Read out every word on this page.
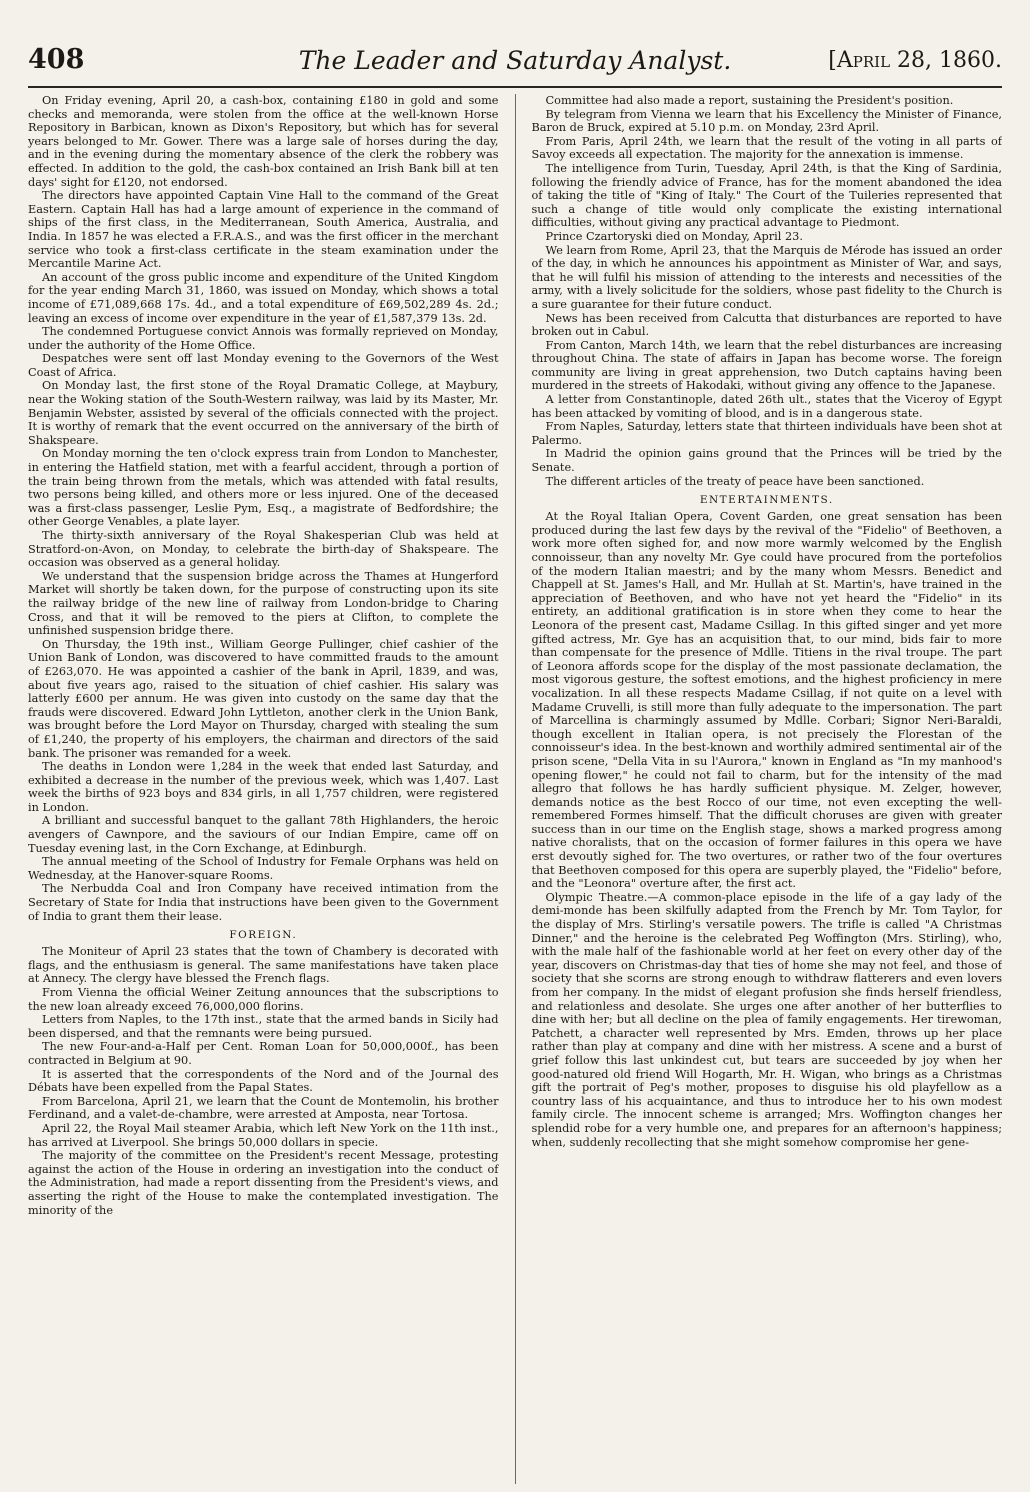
408	The Leader and Saturday Analyst.	[April 28, 1860.

On Friday evening, April 20, a cash-box, containing £180 in gold and some checks and memoranda, were stolen from the office at the well-known Horse Repository in Barbican, known as Dixon's Repository, but which has for several years belonged to Mr. Gower. There was a large sale of horses during the day, and in the evening during the momentary absence of the clerk the robbery was effected. In addition to the gold, the cash-box contained an Irish Bank bill at ten days' sight for £120, not endorsed.

The directors have appointed Captain Vine Hall to the command of the Great Eastern. Captain Hall has had a large amount of experience in the command of ships of the first class, in the Mediterranean, South America, Australia, and India. In 1857 he was elected a F.R.A.S., and was the first officer in the merchant service who took a first-class certificate in the steam examination under the Mercantile Marine Act.

An account of the gross public income and expenditure of the United Kingdom for the year ending March 31, 1860, was issued on Monday, which shows a total income of £71,089,668 17s. 4d., and a total expenditure of £69,502,289 4s. 2d.; leaving an excess of income over expenditure in the year of £1,587,379 13s. 2d.

The condemned Portuguese convict Annois was formally reprieved on Monday, under the authority of the Home Office.

Despatches were sent off last Monday evening to the Governors of the West Coast of Africa.

On Monday last, the first stone of the Royal Dramatic College, at Maybury, near the Woking station of the South-Western railway, was laid by its Master, Mr. Benjamin Webster, assisted by several of the officials connected with the project. It is worthy of remark that the event occurred on the anniversary of the birth of Shakspeare.

On Monday morning the ten o'clock express train from London to Manchester, in entering the Hatfield station, met with a fearful accident, through a portion of the train being thrown from the metals, which was attended with fatal results, two persons being killed, and others more or less injured. One of the deceased was a first-class passenger, Leslie Pym, Esq., a magistrate of Bedfordshire; the other George Venables, a plate layer.

The thirty-sixth anniversary of the Royal Shakesperian Club was held at Stratford-on-Avon, on Monday, to celebrate the birth-day of Shakspeare. The occasion was observed as a general holiday.

We understand that the suspension bridge across the Thames at Hungerford Market will shortly be taken down, for the purpose of constructing upon its site the railway bridge of the new line of railway from London-bridge to Charing Cross, and that it will be removed to the piers at Clifton, to complete the unfinished suspension bridge there.

On Thursday, the 19th inst., William George Pullinger, chief cashier of the Union Bank of London, was discovered to have committed frauds to the amount of £263,070. He was appointed a cashier of the bank in April, 1839, and was, about five years ago, raised to the situation of chief cashier. His salary was latterly £600 per annum. He was given into custody on the same day that the frauds were discovered. Edward John Lyttleton, another clerk in the Union Bank, was brought before the Lord Mayor on Thursday, charged with stealing the sum of £1,240, the property of his employers, the chairman and directors of the said bank. The prisoner was remanded for a week.

The deaths in London were 1,284 in the week that ended last Saturday, and exhibited a decrease in the number of the previous week, which was 1,407. Last week the births of 923 boys and 834 girls, in all 1,757 children, were registered in London.

A brilliant and successful banquet to the gallant 78th Highlanders, the heroic avengers of Cawnpore, and the saviours of our Indian Empire, came off on Tuesday evening last, in the Corn Exchange, at Edinburgh.

The annual meeting of the School of Industry for Female Orphans was held on Wednesday, at the Hanover-square Rooms.

The Nerbudda Coal and Iron Company have received intimation from the Secretary of State for India that instructions have been given to the Government of India to grant them their lease.

FOREIGN.

The Moniteur of April 23 states that the town of Chambery is decorated with flags, and the enthusiasm is general. The same manifestations have taken place at Annecy. The clergy have blessed the French flags.

From Vienna the official Weiner Zeitung announces that the subscriptions to the new loan already exceed 76,000,000 florins.

Letters from Naples, to the 17th inst., state that the armed bands in Sicily had been dispersed, and that the remnants were being pursued.

The new Four-and-a-Half per Cent. Roman Loan for 50,000,000f., has been contracted in Belgium at 90.

It is asserted that the correspondents of the Nord and of the Journal des Débats have been expelled from the Papal States.

From Barcelona, April 21, we learn that the Count de Montemolin, his brother Ferdinand, and a valet-de-chambre, were arrested at Amposta, near Tortosa.

April 22, the Royal Mail steamer Arabia, which left New York on the 11th inst., has arrived at Liverpool. She brings 50,000 dollars in specie.

The majority of the committee on the President's recent Message, protesting against the action of the House in ordering an investigation into the conduct of the Administration, had made a report dissenting from the President's views, and asserting the right of the House to make the contemplated investigation. The minority of the

Committee had also made a report, sustaining the President's position.

By telegram from Vienna we learn that his Excellency the Minister of Finance, Baron de Bruck, expired at 5.10 p.m. on Monday, 23rd April.

From Paris, April 24th, we learn that the result of the voting in all parts of Savoy exceeds all expectation. The majority for the annexation is immense.

The intelligence from Turin, Tuesday, April 24th, is that the King of Sardinia, following the friendly advice of France, has for the moment abandoned the idea of taking the title of "King of Italy." The Court of the Tuileries represented that such a change of title would only complicate the existing international difficulties, without giving any practical advantage to Piedmont.

Prince Czartoryski died on Monday, April 23.

We learn from Rome, April 23, that the Marquis de Mérode has issued an order of the day, in which he announces his appointment as Minister of War, and says, that he will fulfil his mission of attending to the interests and necessities of the army, with a lively solicitude for the soldiers, whose past fidelity to the Church is a sure guarantee for their future conduct.

News has been received from Calcutta that disturbances are reported to have broken out in Cabul.

From Canton, March 14th, we learn that the rebel disturbances are increasing throughout China. The state of affairs in Japan has become worse. The foreign community are living in great apprehension, two Dutch captains having been murdered in the streets of Hakodaki, without giving any offence to the Japanese.

A letter from Constantinople, dated 26th ult., states that the Viceroy of Egypt has been attacked by vomiting of blood, and is in a dangerous state.

From Naples, Saturday, letters state that thirteen individuals have been shot at Palermo.

In Madrid the opinion gains ground that the Princes will be tried by the Senate.

The different articles of the treaty of peace have been sanctioned.

ENTERTAINMENTS.

At the Royal Italian Opera, Covent Garden, one great sensation has been produced during the last few days by the revival of the "Fidelio" of Beethoven, a work more often sighed for, and now more warmly welcomed by the English connoisseur, than any novelty Mr. Gye could have procured from the portefolios of the modern Italian maestri; and by the many whom Messrs. Benedict and Chappell at St. James's Hall, and Mr. Hullah at St. Martin's, have trained in the appreciation of Beethoven, and who have not yet heard the "Fidelio" in its entirety, an additional gratification is in store when they come to hear the Leonora of the present cast, Madame Csillag. In this gifted singer and yet more gifted actress, Mr. Gye has an acquisition that, to our mind, bids fair to more than compensate for the presence of Mdlle. Titiens in the rival troupe. The part of Leonora affords scope for the display of the most passionate declamation, the most vigorous gesture, the softest emotions, and the highest proficiency in mere vocalization. In all these respects Madame Csillag, if not quite on a level with Madame Cruvelli, is still more than fully adequate to the impersonation. The part of Marcellina is charmingly assumed by Mdlle. Corbari; Signor Neri-Baraldi, though excellent in Italian opera, is not precisely the Florestan of the connoisseur's idea. In the best-known and worthily admired sentimental air of the prison scene, "Della Vita in su l'Aurora," known in England as "In my manhood's opening flower," he could not fail to charm, but for the intensity of the mad allegro that follows he has hardly sufficient physique. M. Zelger, however, demands notice as the best Rocco of our time, not even excepting the well-remembered Formes himself. That the difficult choruses are given with greater success than in our time on the English stage, shows a marked progress among native choralists, that on the occasion of former failures in this opera we have erst devoutly sighed for. The two overtures, or rather two of the four overtures that Beethoven composed for this opera are superbly played, the "Fidelio" before, and the "Leonora" overture after, the first act.

Olympic Theatre.—A common-place episode in the life of a gay lady of the demi-monde has been skilfully adapted from the French by Mr. Tom Taylor, for the display of Mrs. Stirling's versatile powers. The trifle is called "A Christmas Dinner," and the heroine is the celebrated Peg Woffington (Mrs. Stirling), who, with the male half of the fashionable world at her feet on every other day of the year, discovers on Christmas-day that ties of home she may not feel, and those of society that she scorns are strong enough to withdraw flatterers and even lovers from her company. In the midst of elegant profusion she finds herself friendless, and relationless and desolate. She urges one after another of her butterflies to dine with her; but all decline on the plea of family engagements. Her tirewoman, Patchett, a character well represented by Mrs. Emden, throws up her place rather than play at company and dine with her mistress. A scene and a burst of grief follow this last unkindest cut, but tears are succeeded by joy when her good-natured old friend Will Hogarth, Mr. H. Wigan, who brings as a Christmas gift the portrait of Peg's mother, proposes to disguise his old playfellow as a country lass of his acquaintance, and thus to introduce her to his own modest family circle. The innocent scheme is arranged; Mrs. Woffington changes her splendid robe for a very humble one, and prepares for an afternoon's happiness; when, suddenly recollecting that she might somehow compromise her gene-
